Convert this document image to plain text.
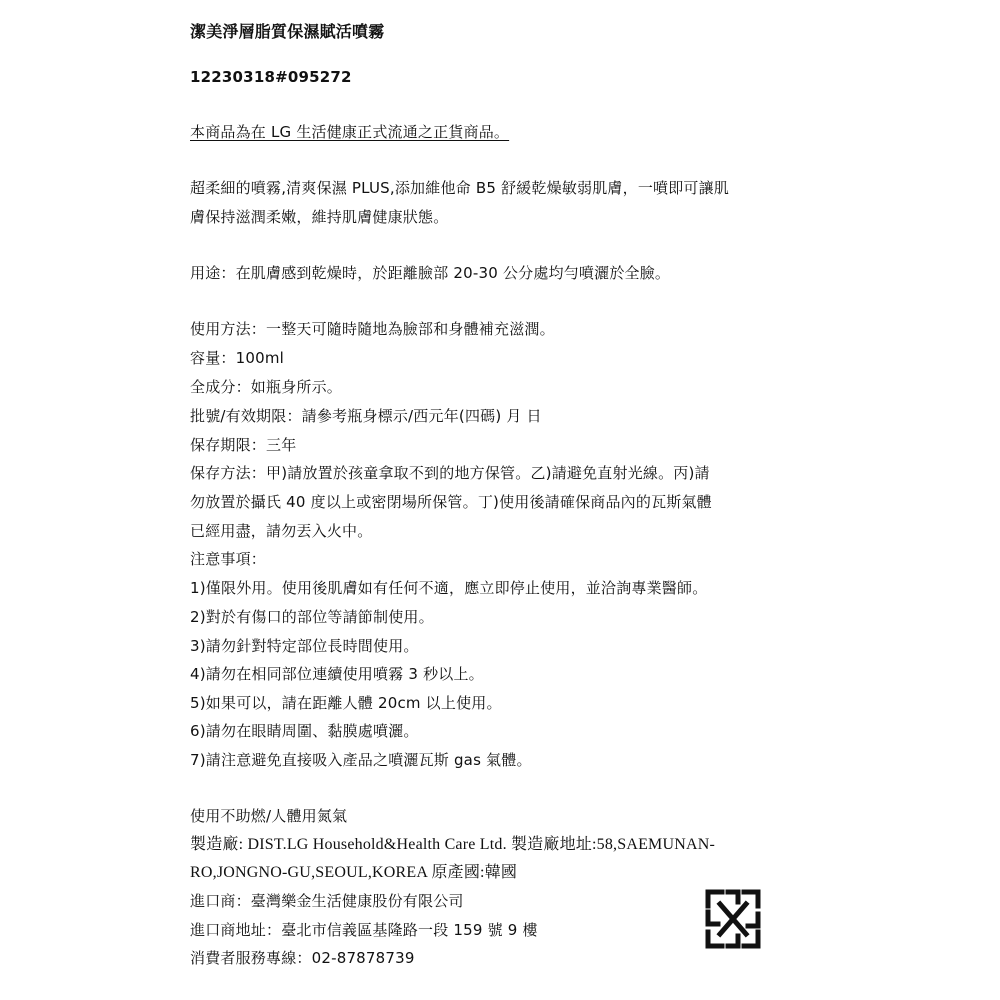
潔美淨層脂質保濕賦活噴霧
12230318#095272
本商品為在 LG 生活健康正式流通之正貨商品。
超柔細的噴霧,清爽保濕 PLUS,添加維他命 B5 舒緩乾燥敏弱肌膚，一噴即可讓肌
膚保持滋潤柔嫩，維持肌膚健康狀態。
用途：在肌膚感到乾燥時，於距離臉部 20-30 公分處均勻噴灑於全臉。
使用方法：一整天可隨時隨地為臉部和身體補充滋潤。
容量：100ml
全成分：如瓶身所示。
批號/有效期限：請參考瓶身標示/西元年(四碼) 月 日
保存期限：三年
保存方法：甲)請放置於孩童拿取不到的地方保管。乙)請避免直射光線。丙)請
勿放置於攝氏 40 度以上或密閉場所保管。丁)使用後請確保商品內的瓦斯氣體
已經用盡，請勿丟入火中。
注意事項：
1)僅限外用。使用後肌膚如有任何不適，應立即停止使用，並洽詢專業醫師。
2)對於有傷口的部位等請節制使用。
3)請勿針對特定部位長時間使用。
4)請勿在相同部位連續使用噴霧 3 秒以上。
5)如果可以，請在距離人體 20cm 以上使用。
6)請勿在眼睛周圍、黏膜處噴灑。
7)請注意避免直接吸入產品之噴灑瓦斯 gas 氣體。
使用不助燃/人體用氮氣
製造廠: DIST.LG Household&Health Care Ltd. 製造廠地址:58,SAEMUNAN-
RO,JONGNO-GU,SEOUL,KOREA 原產國:韓國
進口商：臺灣樂金生活健康股份有限公司
進口商地址：臺北市信義區基隆路一段 159 號 9 樓
消費者服務專線：02-87878739
